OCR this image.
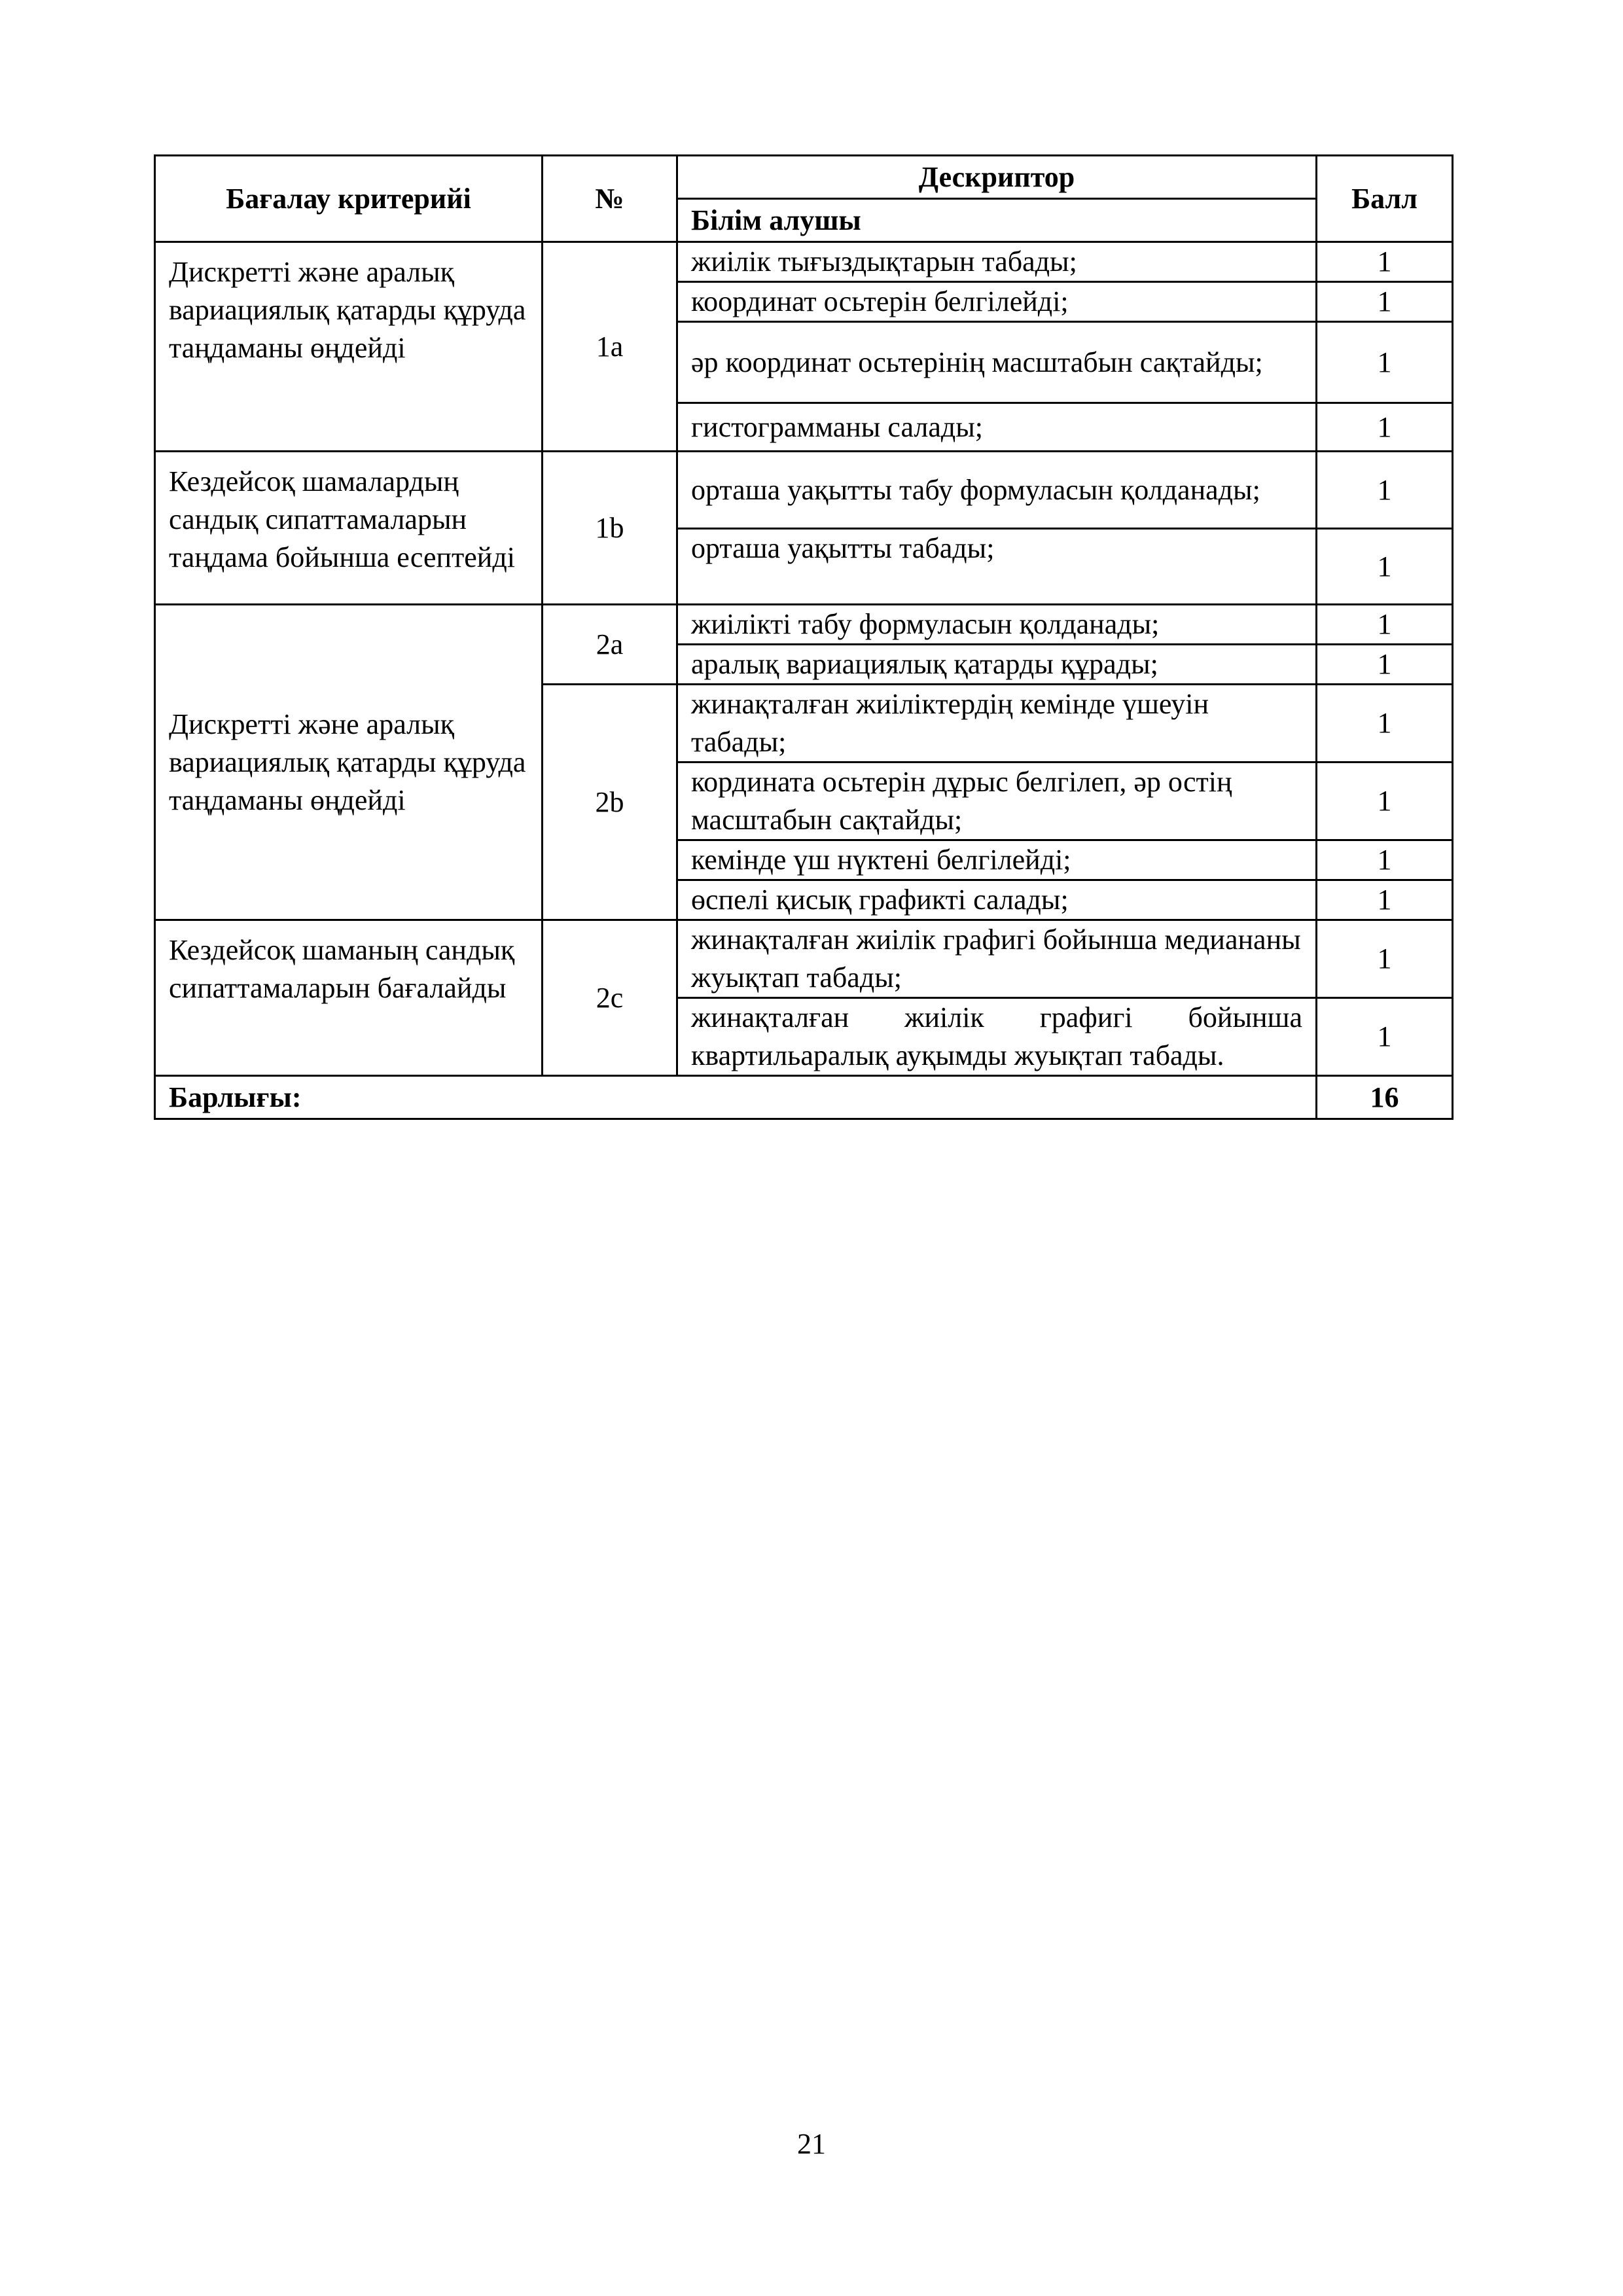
Бағалау критерийі	№	Дескриптор	Балл
		Білім алушы	
Дискретті және аралық вариациялық қатарды құруда таңдаманы өңдейді	1a	жиілік тығыздықтарын табады;	1
		координат осьтерін белгілейді;	1
		әр координат осьтерінің масштабын сақтайды;	1
		гистограмманы салады;	1
Кездейсоқ шамалардың сандық сипаттамаларын таңдама бойынша есептейді	1b	орташа уақытты табу формуласын қолданады;	1
		орташа уақытты табады;	1
Дискретті және аралық вариациялық қатарды құруда таңдаманы өңдейді	2a	жиілікті табу формуласын қолданады;	1
		аралық вариациялық қатарды құрады;	1
	2b	жинақталған жиіліктердің кемінде үшеуін табады;	1
		кордината осьтерін дұрыс белгілеп, әр остің масштабын сақтайды;	1
		кемінде үш нүктені белгілейді;	1
		өспелі қисық графикті салады;	1
Кездейсоқ шаманың сандық сипаттамаларын бағалайды	2c	жинақталған жиілік графигі бойынша медиананы жуықтап табады;	1
		жинақталған жиілік графигі бойынша квартильаралық ауқымды жуықтап табады.	1
Барлығы:			16
21
